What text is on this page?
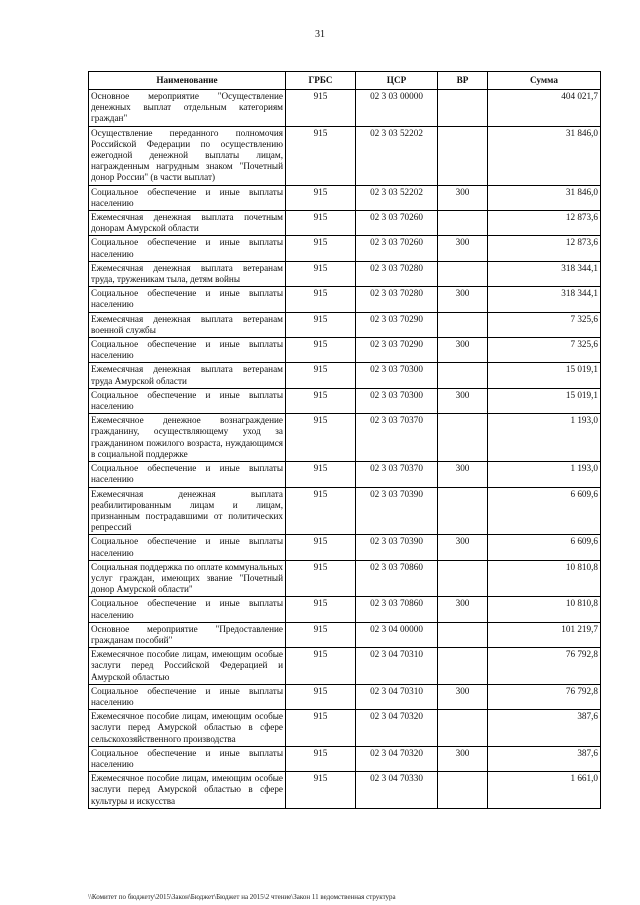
31
Наименование	ГРБС	ЦСР	ВР	Сумма
Основное мероприятие "Осуществление денежных выплат отдельным категориям граждан"	915	02 3 03 00000		404 021,7
Осуществление переданного полномочия Российской Федерации по осуществлению ежегодной денежной выплаты лицам, награжденным нагрудным знаком "Почетный донор России" (в части выплат)	915	02 3 03 52202		31 846,0
Социальное обеспечение и иные выплаты населению	915	02 3 03 52202	300	31 846,0
Ежемесячная денежная выплата почетным донорам Амурской области	915	02 3 03 70260		12 873,6
Социальное обеспечение и иные выплаты населению	915	02 3 03 70260	300	12 873,6
Ежемесячная денежная выплата ветеранам труда, труженикам тыла, детям войны	915	02 3 03 70280		318 344,1
Социальное обеспечение и иные выплаты населению	915	02 3 03 70280	300	318 344,1
Ежемесячная денежная выплата ветеранам военной службы	915	02 3 03 70290		7 325,6
Социальное обеспечение и иные выплаты населению	915	02 3 03 70290	300	7 325,6
Ежемесячная денежная выплата ветеранам труда Амурской области	915	02 3 03 70300		15 019,1
Социальное обеспечение и иные выплаты населению	915	02 3 03 70300	300	15 019,1
Ежемесячное денежное вознаграждение гражданину, осуществляющему уход за гражданином пожилого возраста, нуждающимся в социальной поддержке	915	02 3 03 70370		1 193,0
Социальное обеспечение и иные выплаты населению	915	02 3 03 70370	300	1 193,0
Ежемесячная денежная выплата реабилитированным лицам и лицам, признанным пострадавшими от политических репрессий	915	02 3 03 70390		6 609,6
Социальное обеспечение и иные выплаты населению	915	02 3 03 70390	300	6 609,6
Социальная поддержка по оплате коммунальных услуг граждан, имеющих звание "Почетный донор Амурской области"	915	02 3 03 70860		10 810,8
Социальное обеспечение и иные выплаты населению	915	02 3 03 70860	300	10 810,8
Основное мероприятие "Предоставление гражданам пособий"	915	02 3 04 00000		101 219,7
Ежемесячное пособие лицам, имеющим особые заслуги перед Российской Федерацией и Амурской областью	915	02 3 04 70310		76 792,8
Социальное обеспечение и иные выплаты населению	915	02 3 04 70310	300	76 792,8
Ежемесячное пособие лицам, имеющим особые заслуги перед Амурской областью в сфере сельскохозяйственного производства	915	02 3 04 70320		387,6
Социальное обеспечение и иные выплаты населению	915	02 3 04 70320	300	387,6
Ежемесячное пособие лицам, имеющим особые заслуги перед Амурской областью в сфере культуры и искусства	915	02 3 04 70330		1 661,0
\\Комитет по бюджету\2015\Закон\Бюджет\Бюджет на 2015\2 чтение\Закон 11 ведомственная структура
